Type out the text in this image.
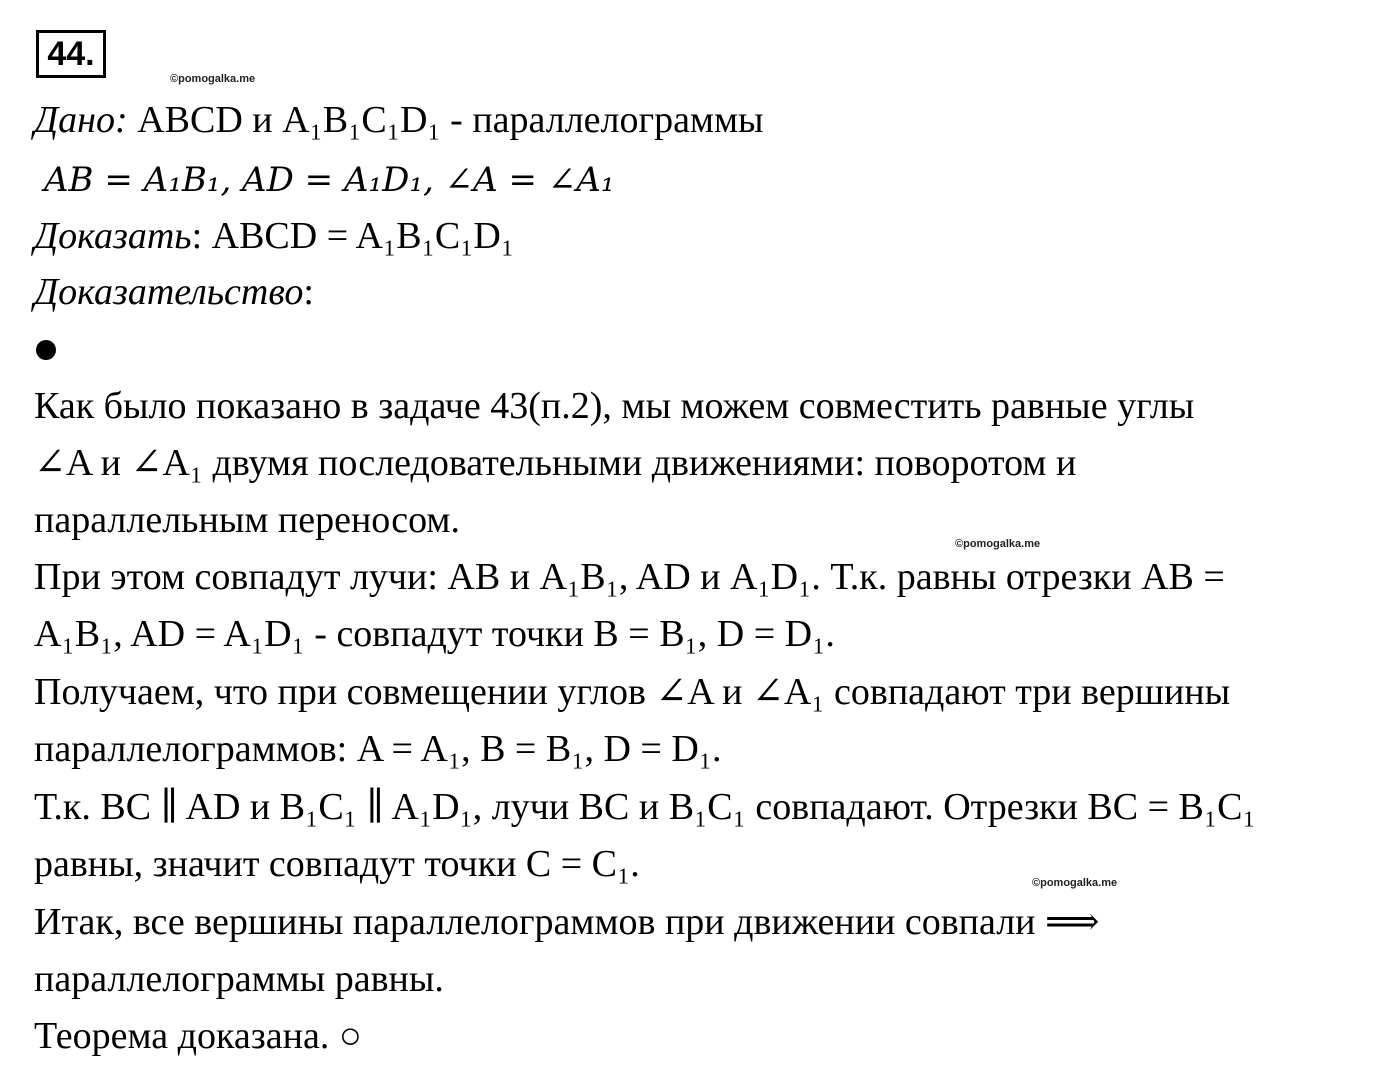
44.
©pomogalka.me
©pomogalka.me
©pomogalka.me
Дано: ABCD и A₁B₁C₁D₁ - параллелограммы
AB = A₁B₁, AD = A₁D₁, ∠A = ∠A₁
Доказать: ABCD = A₁B₁C₁D₁
Доказательство:
Как было показано в задаче 43(п.2), мы можем совместить равные углы
∠A и ∠A₁ двумя последовательными движениями: поворотом и
параллельным переносом.
При этом совпадут лучи: AB и A₁B₁, AD и A₁D₁. Т.к. равны отрезки AB =
A₁B₁, AD = A₁D₁ - совпадут точки B = B₁, D = D₁.
Получаем, что при совмещении углов ∠A и ∠A₁ совпадают три вершины
параллелограммов: A = A₁, B = B₁, D = D₁.
Т.к. BC ∥ AD и B₁C₁ ∥ A₁D₁, лучи BC и B₁C₁ совпадают. Отрезки BC = B₁C₁
равны, значит совпадут точки C = C₁.
Итак, все вершины параллелограммов при движении совпали ⟹
параллелограммы равны.
Теорема доказана. ○
